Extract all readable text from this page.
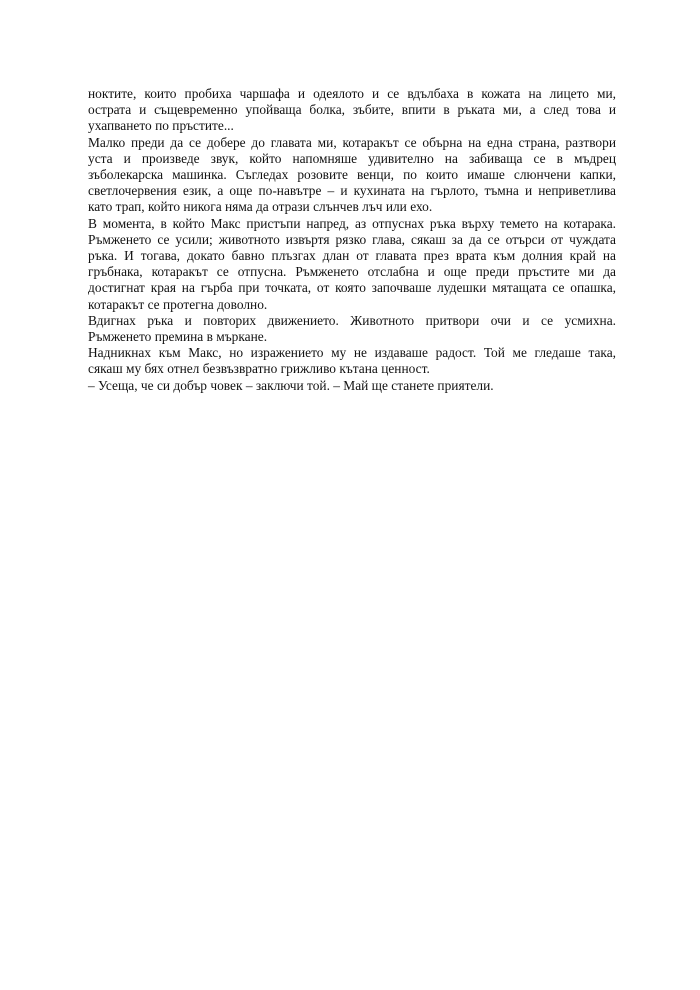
ноктите, които пробиха чаршафа и одеялото и се вдълбаха в кожата на лицето ми,
острата и същевременно упойваща болка, зъбите, впити в ръката ми, а след това и
ухапването по пръстите...

Малко преди да се добере до главата ми, котаракът се обърна на една страна, разтвори
уста и произведе звук, който напомняше удивително на забиваща се в мъдрец
зъболекарска машинка. Съгледах розовите венци, по които имаше слюнчени капки,
светлочервения език, а още по-навътре – и кухината на гърлото, тъмна и неприветлива
като трап, който никога няма да отрази слънчев лъч или ехо.

В момента, в който Макс пристъпи напред, аз отпуснах ръка върху темето на котарака.
Ръмженето се усили; животното извъртя рязко глава, сякаш за да се отърси от чуждата
ръка. И тогава, докато бавно плъзгах длан от главата през врата към долния край на
гръбнака, котаракът се отпусна. Ръмженето отслабна и още преди пръстите ми да
достигнат края на гърба при точката, от която започваше лудешки мятащата се опашка,
котаракът се протегна доволно.

Вдигнах ръка и повторих движението. Животното притвори очи и се усмихна.
Ръмженето премина в мъркане.

Надникнах към Макс, но изражението му не издаваше радост. Той ме гледаше така,
сякаш му бях отнел безвъзвратно грижливо кътана ценност.

– Усеща, че си добър човек – заключи той. – Май ще станете приятели.
